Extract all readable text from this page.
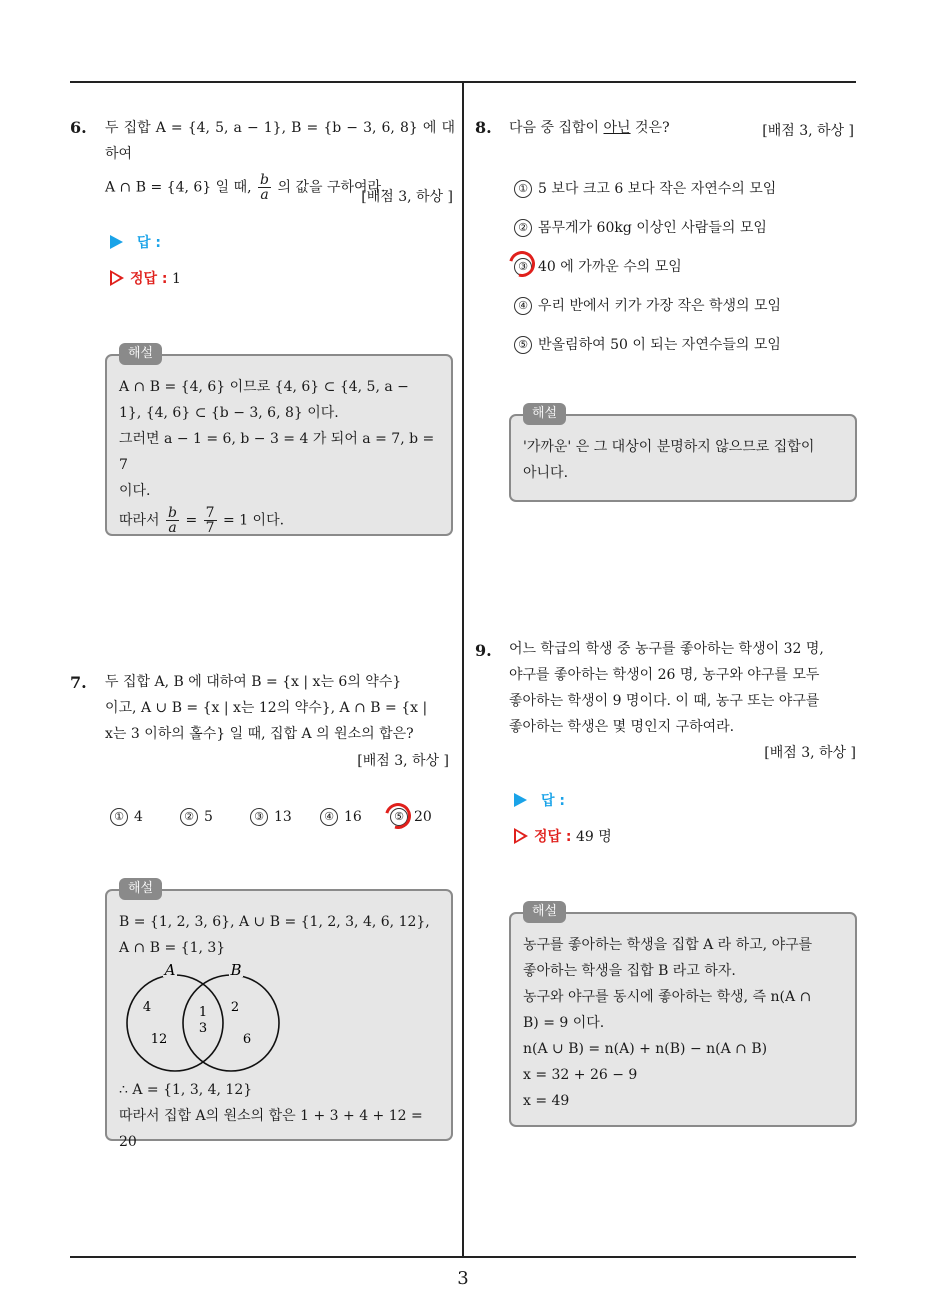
6. 두 집합 A = {4, 5, a − 1}, B = {b − 3, 6, 8} 에 대하여
A ∩ B = {4, 6} 일 때, $\frac{b}{a}$ 의 값을 구하여라.
[배점 3, 하상 ]
답 :
정답 : 1
해설
A ∩ B = {4, 6} 이므로 {4, 6} ⊂ {4, 5, a −
1}, {4, 6} ⊂ {b − 3, 6, 8} 이다.
그러면 a − 1 = 6, b − 3 = 4 가 되어 a = 7, b = 7
이다.
따라서 $\frac{b}{a} = \frac{7}{7} = 1$ 이다.
7. 두 집합 A, B 에 대하여 B = {x | x는 6의 약수}
이고, A ∪ B = {x | x는 12의 약수}, A ∩ B = {x |
x는 3 이하의 홀수} 일 때, 집합 A 의 원소의 합은?
[배점 3, 하상 ]
① 4	② 5	③ 13	④ 16	⑤ 20
해설
B = {1, 2, 3, 6}, A ∪ B = {1, 2, 3, 4, 6, 12},
A ∩ B = {1, 3}
A	B
4
12
1
3
2
6
∴ A = {1, 3, 4, 12}
따라서 집합 A의 원소의 합은 1 + 3 + 4 + 12 = 20
8. 다음 중 집합이 아닌 것은?	[배점 3, 하상 ]
① 5 보다 크고 6 보다 작은 자연수의 모임
② 몸무게가 60kg 이상인 사람들의 모임
③ 40 에 가까운 수의 모임
④ 우리 반에서 키가 가장 작은 학생의 모임
⑤ 반올림하여 50 이 되는 자연수들의 모임
해설
'가까운' 은 그 대상이 분명하지 않으므로 집합이
아니다.
9. 어느 학급의 학생 중 농구를 좋아하는 학생이 32 명,
야구를 좋아하는 학생이 26 명, 농구와 야구를 모두
좋아하는 학생이 9 명이다. 이 때, 농구 또는 야구를
좋아하는 학생은 몇 명인지 구하여라.
[배점 3, 하상 ]
답 :
정답 : 49 명
해설
농구를 좋아하는 학생을 집합 A 라 하고, 야구를
좋아하는 학생을 집합 B 라고 하자.
농구와 야구를 동시에 좋아하는 학생, 즉 n(A ∩
B) = 9 이다.
n(A ∪ B) = n(A) + n(B) − n(A ∩ B)
x = 32 + 26 − 9
x = 49
3
